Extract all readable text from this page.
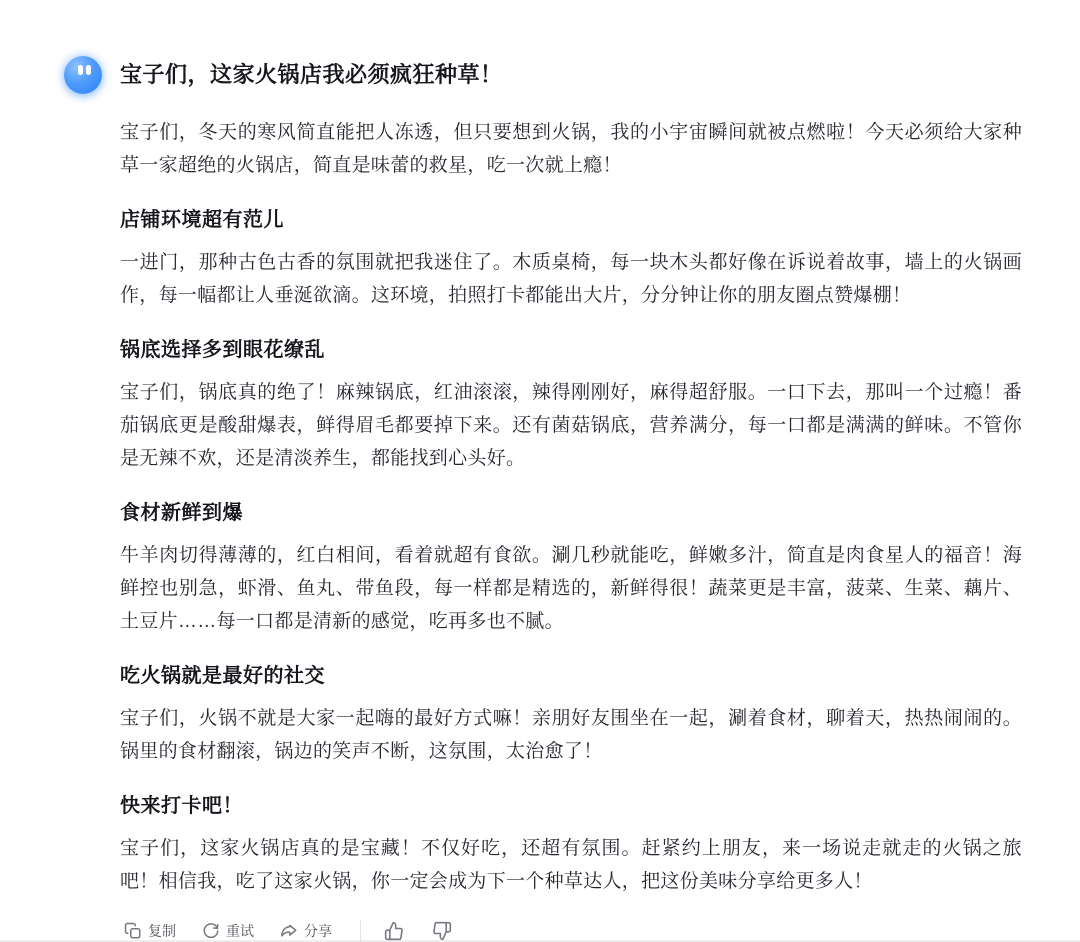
宝子们，这家火锅店我必须疯狂种草！

宝子们，冬天的寒风简直能把人冻透，但只要想到火锅，我的小宇宙瞬间就被点燃啦！今天必须给大家种草一家超绝的火锅店，简直是味蕾的救星，吃一次就上瘾！

店铺环境超有范儿

一进门，那种古色古香的氛围就把我迷住了。木质桌椅，每一块木头都好像在诉说着故事，墙上的火锅画作，每一幅都让人垂涎欲滴。这环境，拍照打卡都能出大片，分分钟让你的朋友圈点赞爆棚！

锅底选择多到眼花缭乱

宝子们，锅底真的绝了！麻辣锅底，红油滚滚，辣得刚刚好，麻得超舒服。一口下去，那叫一个过瘾！番茄锅底更是酸甜爆表，鲜得眉毛都要掉下来。还有菌菇锅底，营养满分，每一口都是满满的鲜味。不管你是无辣不欢，还是清淡养生，都能找到心头好。

食材新鲜到爆

牛羊肉切得薄薄的，红白相间，看着就超有食欲。涮几秒就能吃，鲜嫩多汁，简直是肉食星人的福音！海鲜控也别急，虾滑、鱼丸、带鱼段，每一样都是精选的，新鲜得很！蔬菜更是丰富，菠菜、生菜、藕片、土豆片……每一口都是清新的感觉，吃再多也不腻。

吃火锅就是最好的社交

宝子们，火锅不就是大家一起嗨的最好方式嘛！亲朋好友围坐在一起，涮着食材，聊着天，热热闹闹的。锅里的食材翻滚，锅边的笑声不断，这氛围，太治愈了！

快来打卡吧！

宝子们，这家火锅店真的是宝藏！不仅好吃，还超有氛围。赶紧约上朋友，来一场说走就走的火锅之旅吧！相信我，吃了这家火锅，你一定会成为下一个种草达人，把这份美味分享给更多人！

复制	重试	分享
